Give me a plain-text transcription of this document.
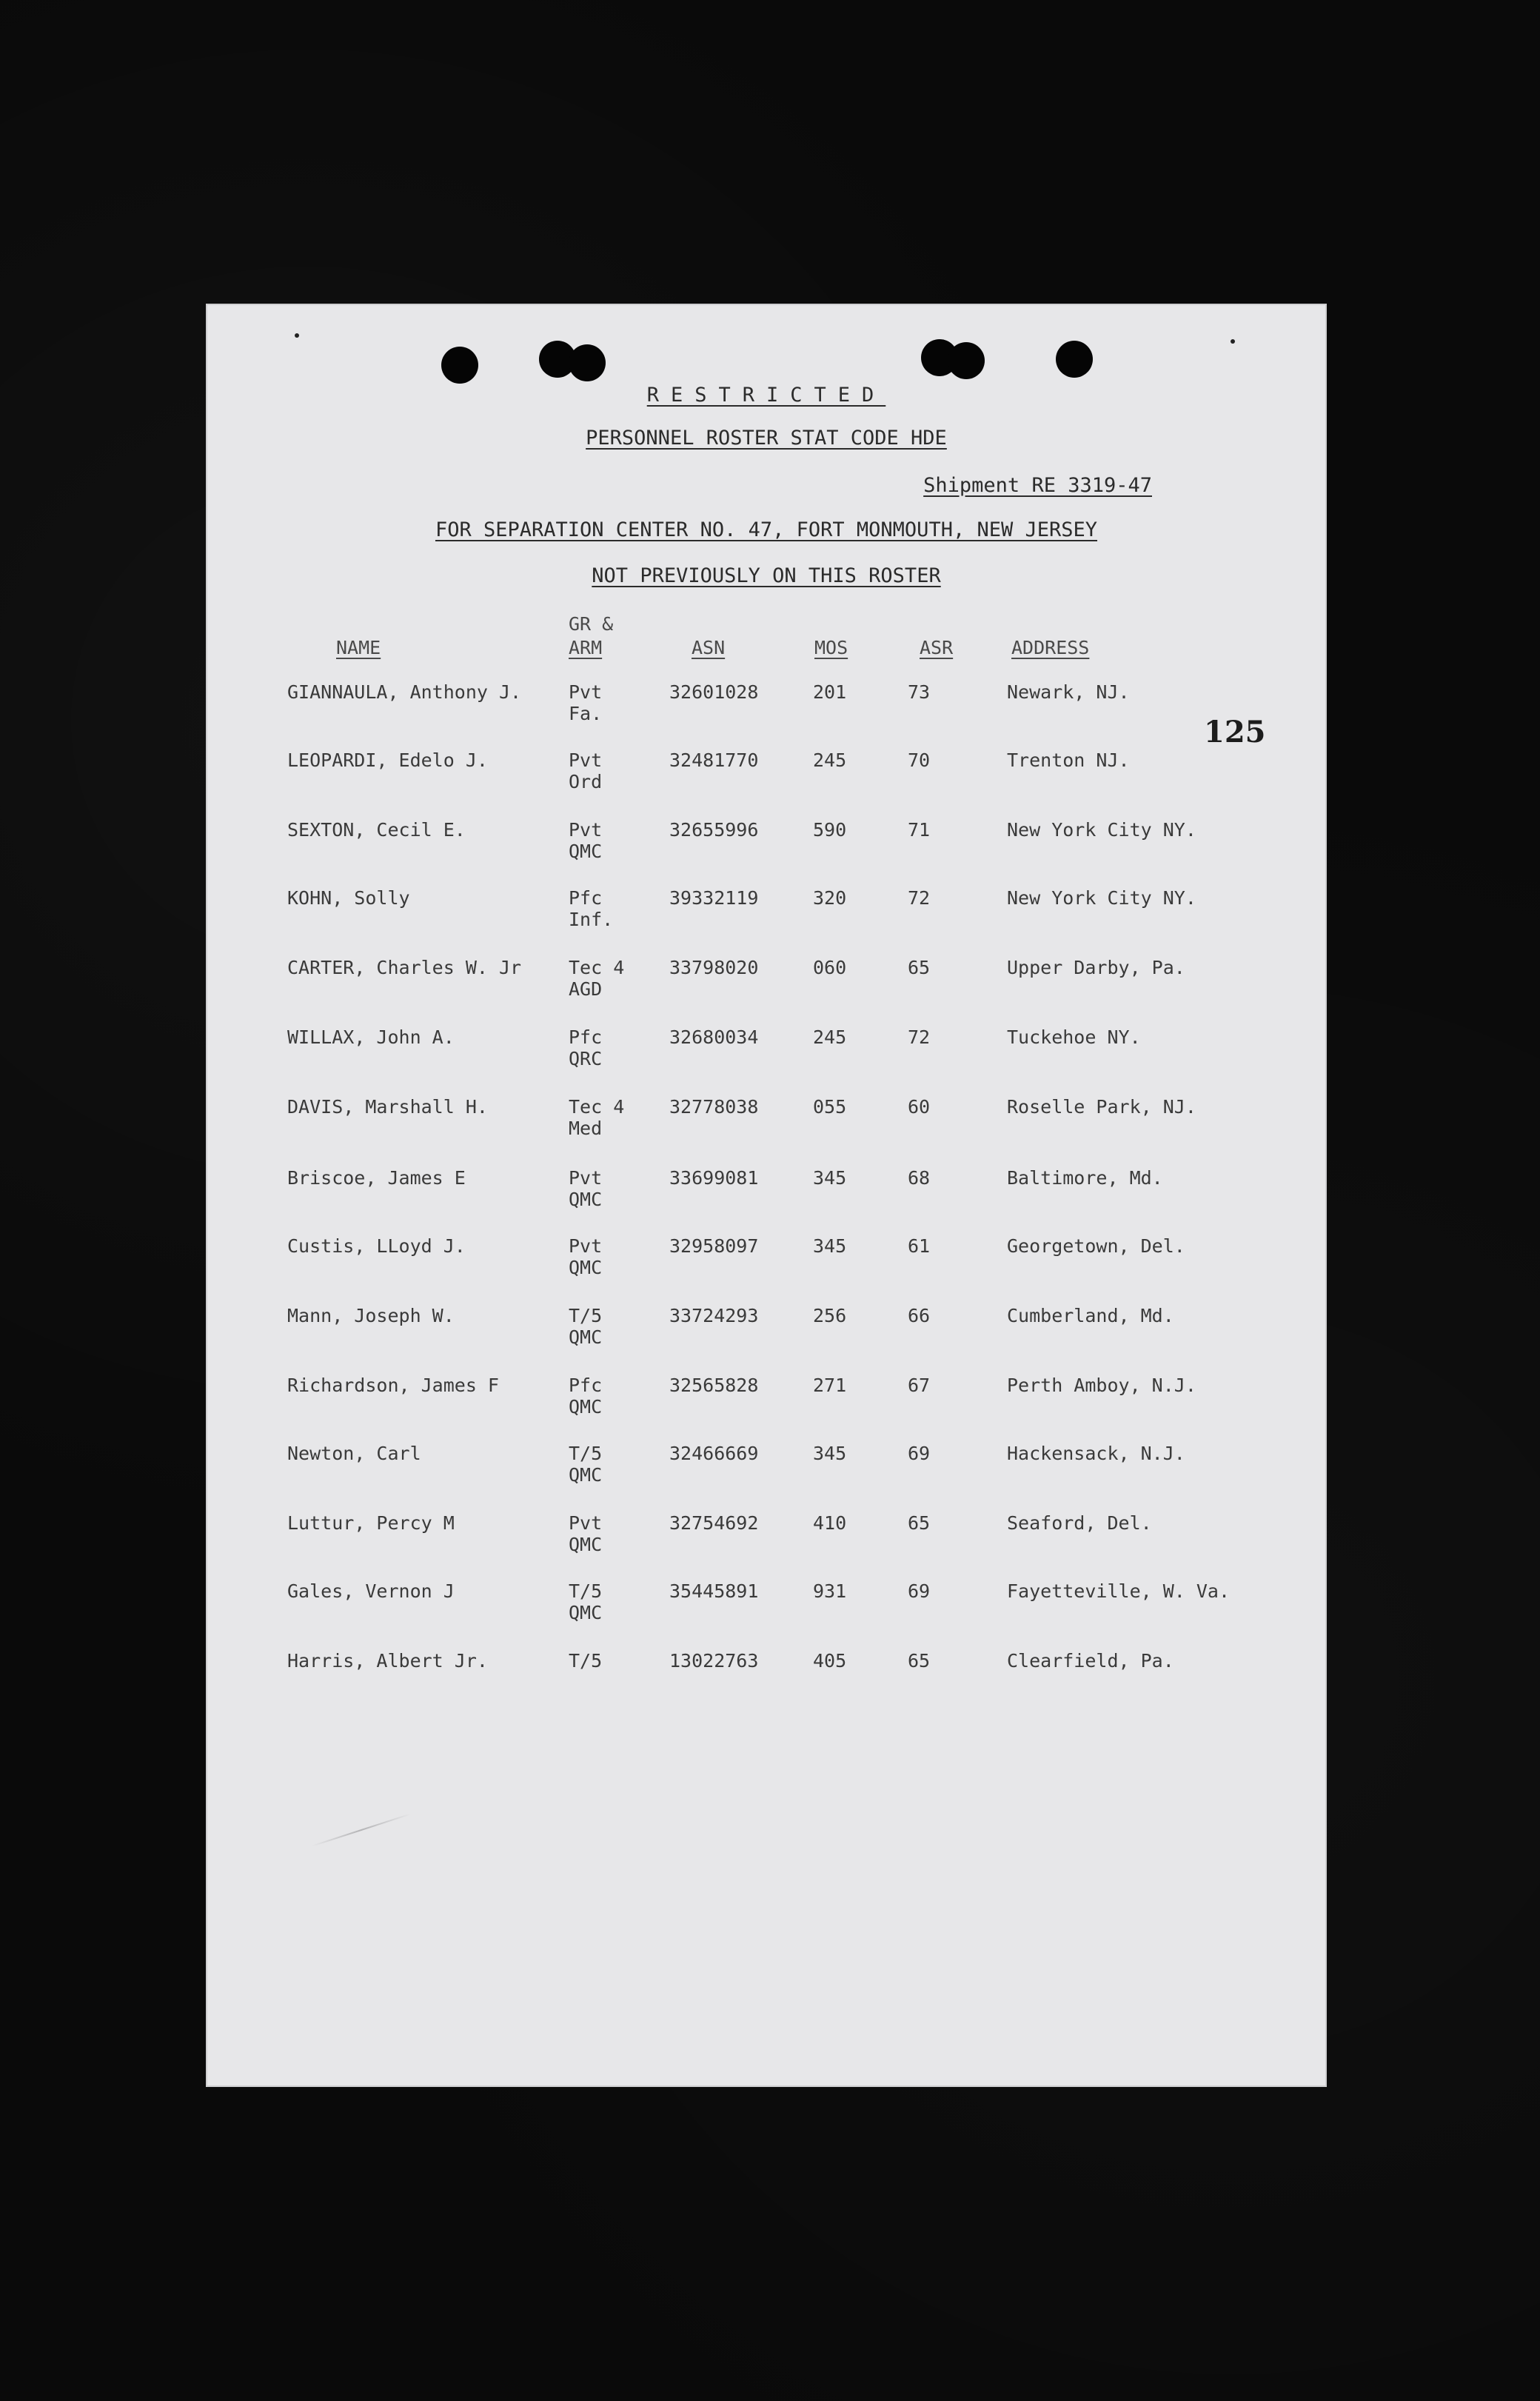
RESTRICTED
PERSONNEL ROSTER STAT CODE HDE
Shipment RE 3319-47
FOR SEPARATION CENTER NO. 47, FORT MONMOUTH, NEW JERSEY
NOT PREVIOUSLY ON THIS ROSTER
125
NAME
GR &
ARM	ASN	MOS	ASR	ADDRESS
GIANNAULA, Anthony J.	Pvt
Fa.
32601028	201	73	Newark, NJ.
LEOPARDI, Edelo J.	Pvt
Ord
32481770	245	70	Trenton NJ.
SEXTON, Cecil E.	Pvt
QMC
32655996	590	71	New York City NY.
KOHN, Solly	Pfc
Inf.
39332119	320	72	New York City NY.
CARTER, Charles W. Jr	Tec 4
AGD
33798020	060	65	Upper Darby, Pa.
WILLAX, John A.	Pfc
QRC
32680034	245	72	Tuckehoe NY.
DAVIS, Marshall H.	Tec 4
Med
32778038	055	60	Roselle Park, NJ.
Briscoe, James E	Pvt
QMC
33699081	345	68	Baltimore, Md.
Custis, LLoyd J.	Pvt
QMC
32958097	345	61	Georgetown, Del.
Mann, Joseph W.	T/5
QMC
33724293	256	66	Cumberland, Md.
Richardson, James F	Pfc
QMC
32565828	271	67	Perth Amboy, N.J.
Newton, Carl	T/5
QMC
32466669	345	69	Hackensack, N.J.
Luttur, Percy M	Pvt
QMC
32754692	410	65	Seaford, Del.
Gales, Vernon J	T/5
QMC
35445891	931	69	Fayetteville, W. Va.
Harris, Albert Jr.	T/5	13022763	405	65	Clearfield, Pa.
